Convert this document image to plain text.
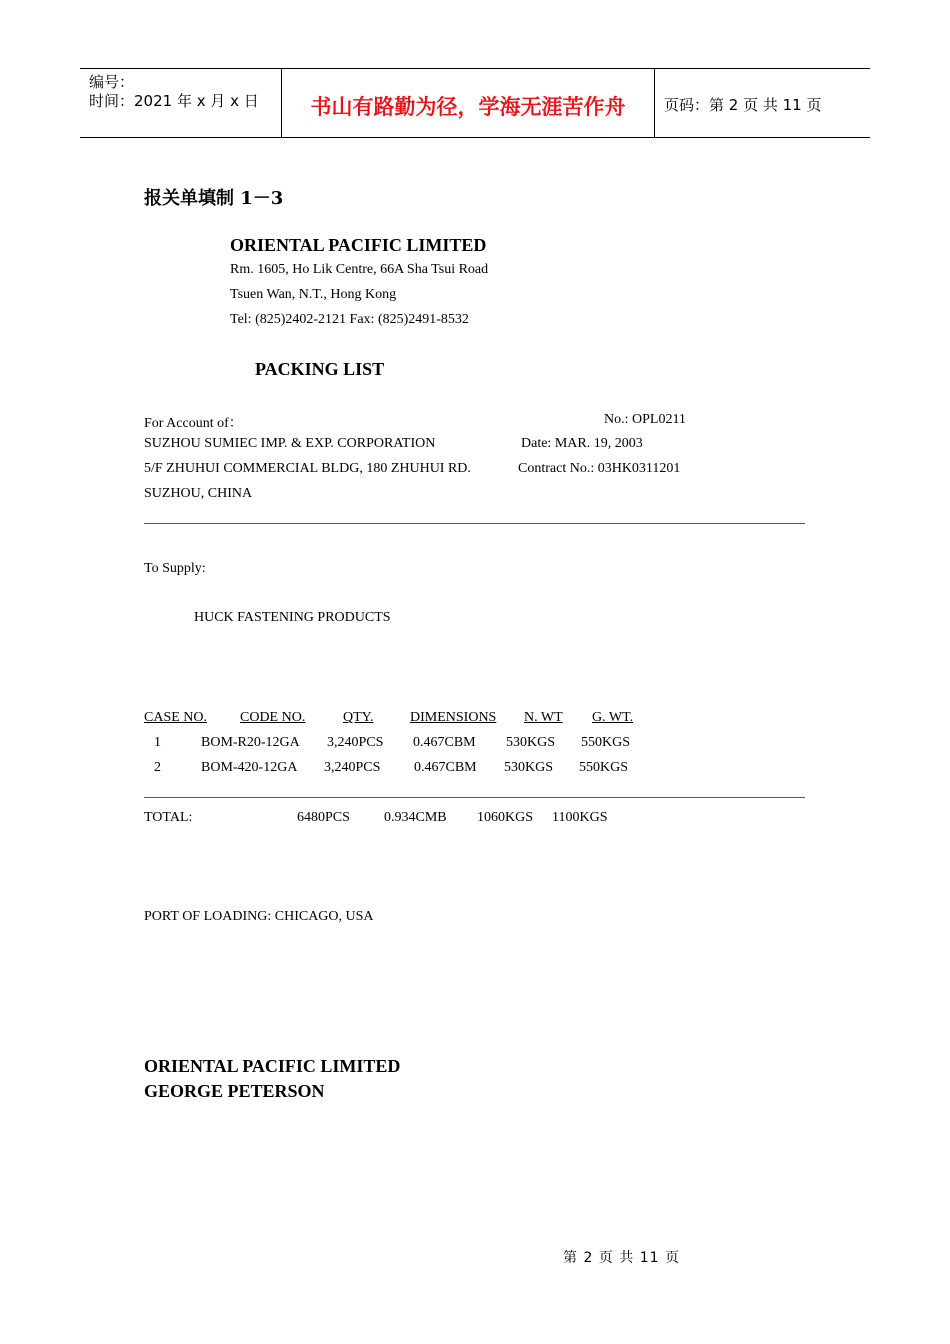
编号：
时间：2021 年 x 月 x 日	书山有路勤为径，学海无涯苦作舟	页码：第 2 页 共 11 页
报关单填制 1－3
ORIENTAL PACIFIC LIMITED
Rm. 1605, Ho Lik Centre, 66A Sha Tsui Road
Tsuen Wan, N.T., Hong Kong
Tel: (825)2402-2121 Fax: (825)2491-8532
PACKING LIST
For Account of：
SUZHOU SUMIEC IMP. & EXP. CORPORATION
5/F ZHUHUI COMMERCIAL BLDG, 180 ZHUHUI RD.
SUZHOU, CHINA
No.: OPL0211
Date: MAR. 19, 2003
Contract No.: 03HK0311201
To Supply:
HUCK FASTENING PRODUCTS
CASE NO. CODE NO.	QTY.	DIMENSIONS N. WT G. WT.
1	BOM-R20-12GA 3,240PCS 0.467CBM 530KGS 550KGS
2	BOM-420-12GA 3,240PCS 0.467CBM 530KGS 550KGS
TOTAL:	6480PCS 0.934CMB 1060KGS 1100KGS
PORT OF LOADING: CHICAGO, USA
ORIENTAL PACIFIC LIMITED
GEORGE PETERSON
第 2 页 共 11 页
